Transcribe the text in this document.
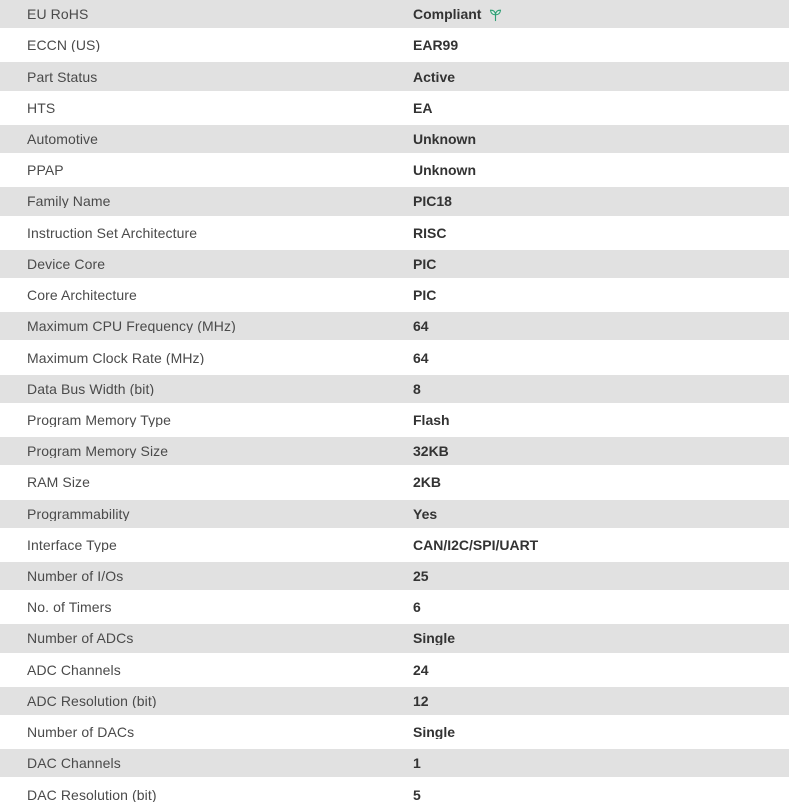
EU RoHS	Compliant
ECCN (US)	EAR99
Part Status	Active
HTS	EA
Automotive	Unknown
PPAP	Unknown
Family Name	PIC18
Instruction Set Architecture	RISC
Device Core	PIC
Core Architecture	PIC
Maximum CPU Frequency (MHz)	64
Maximum Clock Rate (MHz)	64
Data Bus Width (bit)	8
Program Memory Type	Flash
Program Memory Size	32KB
RAM Size	2KB
Programmability	Yes
Interface Type	CAN/I2C/SPI/UART
Number of I/Os	25
No. of Timers	6
Number of ADCs	Single
ADC Channels	24
ADC Resolution (bit)	12
Number of DACs	Single
DAC Channels	1
DAC Resolution (bit)	5
